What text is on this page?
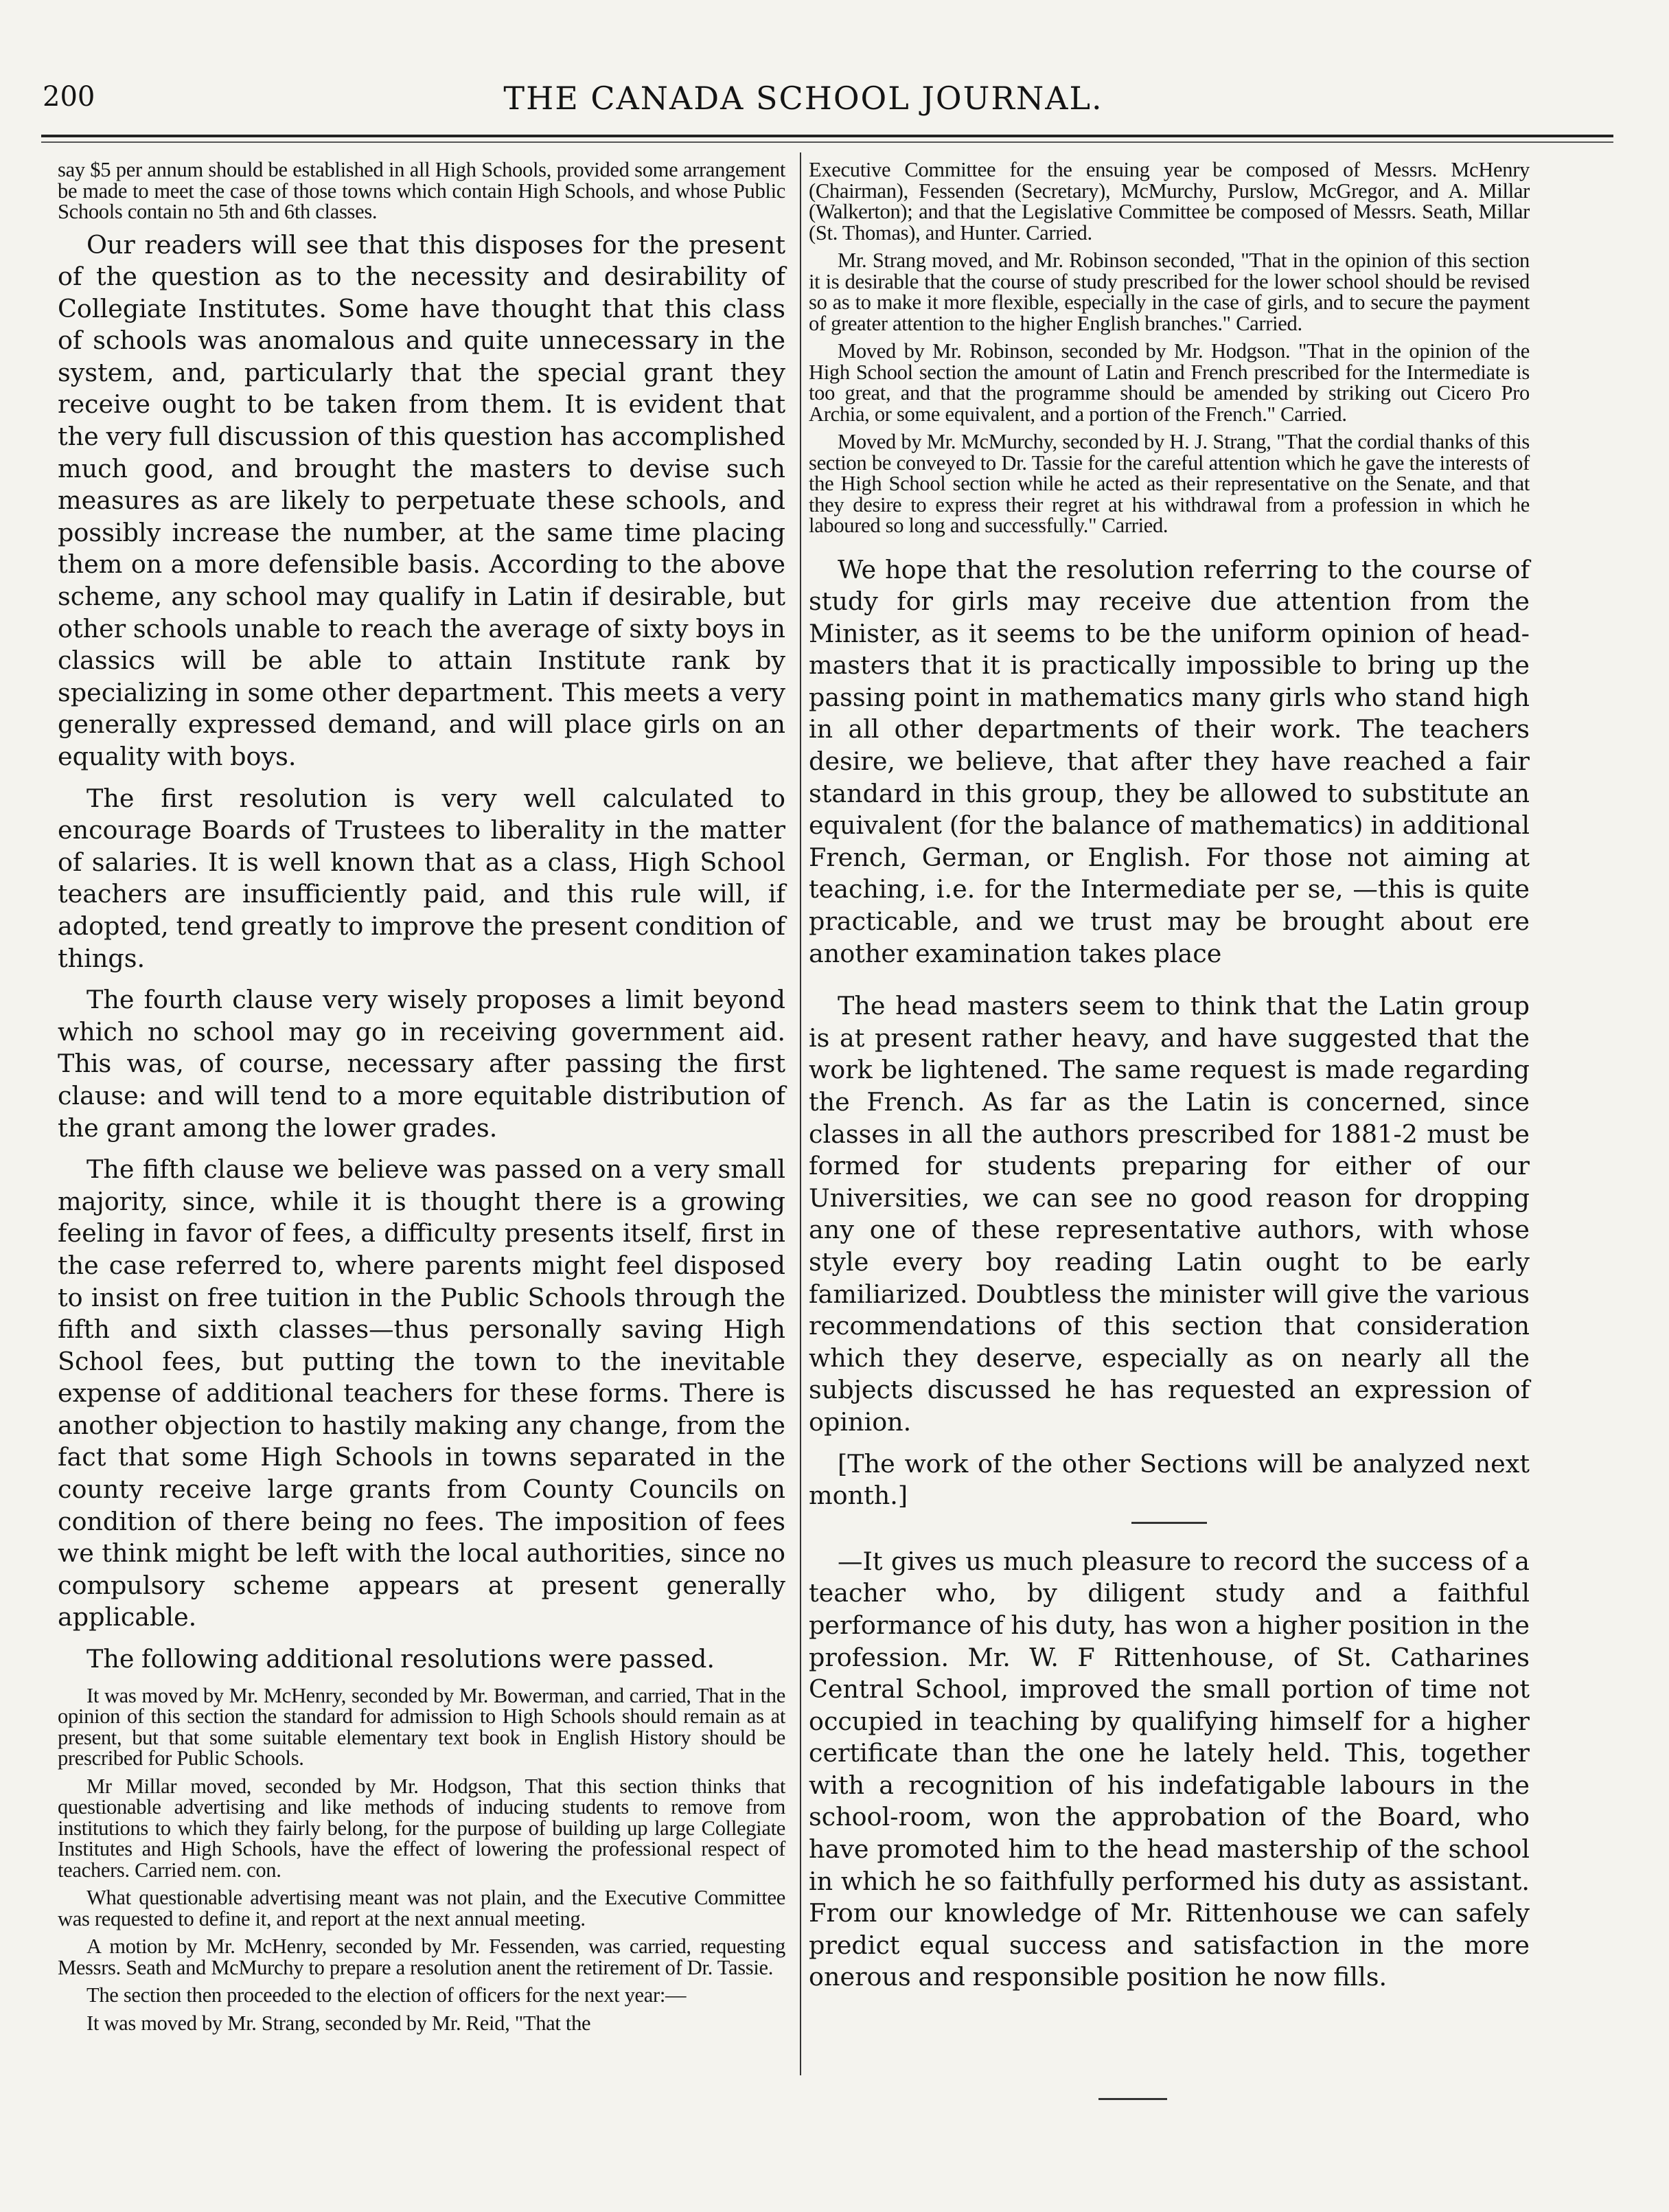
200	THE CANADA SCHOOL JOURNAL.

say $5 per annum should be established in all High Schools, provided some arrangement be made to meet the case of those towns which contain High Schools, and whose Public Schools contain no 5th and 6th classes.

Our readers will see that this disposes for the present of the question as to the necessity and desirability of Collegiate Institutes. Some have thought that this class of schools was anomalous and quite unnecessary in the system, and, particularly that the special grant they receive ought to be taken from them. It is evident that the very full discussion of this question has accomplished much good, and brought the masters to devise such measures as are likely to perpetuate these schools, and possibly increase the number, at the same time placing them on a more defensible basis. According to the above scheme, any school may qualify in Latin if desirable, but other schools unable to reach the average of sixty boys in classics will be able to attain Institute rank by specializing in some other department. This meets a very generally expressed demand, and will place girls on an equality with boys.

The first resolution is very well calculated to encourage Boards of Trustees to liberality in the matter of salaries. It is well known that as a class, High School teachers are insufficiently paid, and this rule will, if adopted, tend greatly to improve the present condition of things.

The fourth clause very wisely proposes a limit beyond which no school may go in receiving government aid. This was, of course, necessary after passing the first clause: and will tend to a more equitable distribution of the grant among the lower grades.

The fifth clause we believe was passed on a very small majority, since, while it is thought there is a growing feeling in favor of fees, a difficulty presents itself, first in the case referred to, where parents might feel disposed to insist on free tuition in the Public Schools through the fifth and sixth classes—thus personally saving High School fees, but putting the town to the inevitable expense of additional teachers for these forms. There is another objection to hastily making any change, from the fact that some High Schools in towns separated in the county receive large grants from County Councils on condition of there being no fees. The imposition of fees we think might be left with the local authorities, since no compulsory scheme appears at present generally applicable.

The following additional resolutions were passed.

It was moved by Mr. McHenry, seconded by Mr. Bowerman, and carried, That in the opinion of this section the standard for admission to High Schools should remain as at present, but that some suitable elementary text book in English History should be prescribed for Public Schools.

Mr Millar moved, seconded by Mr. Hodgson, That this section thinks that questionable advertising and like methods of inducing students to remove from institutions to which they fairly belong, for the purpose of building up large Collegiate Institutes and High Schools, have the effect of lowering the professional respect of teachers. Carried nem. con.

What questionable advertising meant was not plain, and the Executive Committee was requested to define it, and report at the next annual meeting.

A motion by Mr. McHenry, seconded by Mr. Fessenden, was carried, requesting Messrs. Seath and McMurchy to prepare a resolution anent the retirement of Dr. Tassie.

The section then proceeded to the election of officers for the next year:—

It was moved by Mr. Strang, seconded by Mr. Reid, "That the

Executive Committee for the ensuing year be composed of Messrs. McHenry (Chairman), Fessenden (Secretary), McMurchy, Purslow, McGregor, and A. Millar (Walkerton); and that the Legislative Committee be composed of Messrs. Seath, Millar (St. Thomas), and Hunter. Carried.

Mr. Strang moved, and Mr. Robinson seconded, "That in the opinion of this section it is desirable that the course of study prescribed for the lower school should be revised so as to make it more flexible, especially in the case of girls, and to secure the payment of greater attention to the higher English branches." Carried.

Moved by Mr. Robinson, seconded by Mr. Hodgson. "That in the opinion of the High School section the amount of Latin and French prescribed for the Intermediate is too great, and that the programme should be amended by striking out Cicero Pro Archia, or some equivalent, and a portion of the French." Carried.

Moved by Mr. McMurchy, seconded by H. J. Strang, "That the cordial thanks of this section be conveyed to Dr. Tassie for the careful attention which he gave the interests of the High School section while he acted as their representative on the Senate, and that they desire to express their regret at his withdrawal from a profession in which he laboured so long and successfully." Carried.

We hope that the resolution referring to the course of study for girls may receive due attention from the Minister, as it seems to be the uniform opinion of head-masters that it is practically impossible to bring up the passing point in mathematics many girls who stand high in all other departments of their work. The teachers desire, we believe, that after they have reached a fair standard in this group, they be allowed to substitute an equivalent (for the balance of mathematics) in additional French, German, or English. For those not aiming at teaching, i.e. for the Intermediate per se, —this is quite practicable, and we trust may be brought about ere another examination takes place

The head masters seem to think that the Latin group is at present rather heavy, and have suggested that the work be lightened. The same request is made regarding the French. As far as the Latin is concerned, since classes in all the authors prescribed for 1881-2 must be formed for students preparing for either of our Universities, we can see no good reason for dropping any one of these representative authors, with whose style every boy reading Latin ought to be early familiarized. Doubtless the minister will give the various recommendations of this section that consideration which they deserve, especially as on nearly all the subjects discussed he has requested an expression of opinion.

[The work of the other Sections will be analyzed next month.]

—It gives us much pleasure to record the success of a teacher who, by diligent study and a faithful performance of his duty, has won a higher position in the profession. Mr. W. F Rittenhouse, of St. Catharines Central School, improved the small portion of time not occupied in teaching by qualifying himself for a higher certificate than the one he lately held. This, together with a recognition of his indefatigable labours in the school-room, won the approbation of the Board, who have promoted him to the head mastership of the school in which he so faithfully performed his duty as assistant. From our knowledge of Mr. Rittenhouse we can safely predict equal success and satisfaction in the more onerous and responsible position he now fills.
